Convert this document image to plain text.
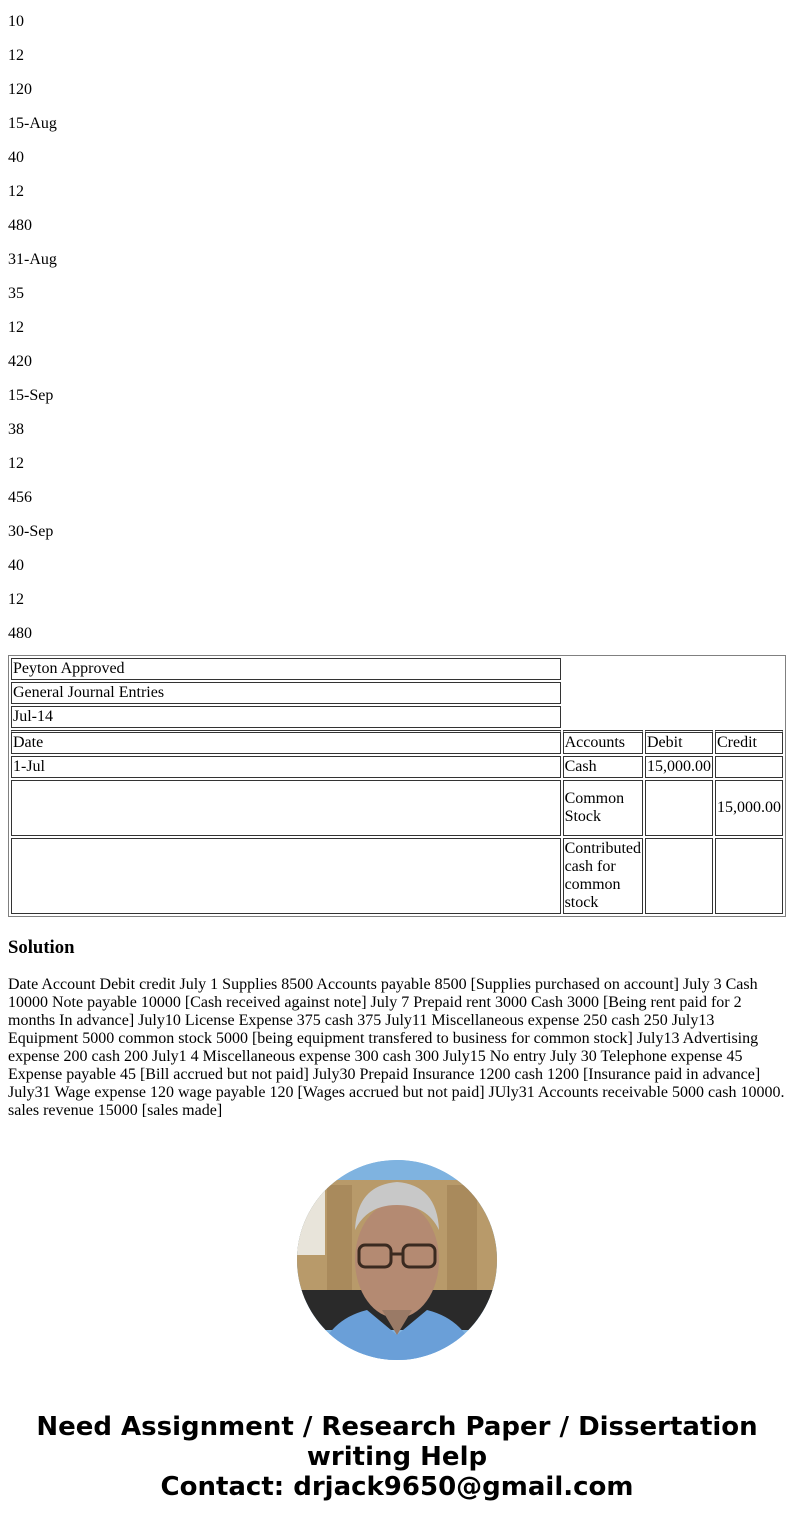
10

12

120

15-Aug

40

12

480

31-Aug

35

12

420

15-Sep

38

12

456

30-Sep

40

12

480

Peyton Approved			
General Journal Entries			
Jul-14			
Date	Accounts	Debit	Credit
1-Jul	Cash	15,000.00	
	Common Stock		15,000.00
	Contributed cash for common stock		
Solution

Date Account Debit credit July 1 Supplies 8500 Accounts payable 8500 [Supplies purchased on account] July 3 Cash 10000 Note payable 10000 [Cash received against note] July 7 Prepaid rent 3000 Cash 3000 [Being rent paid for 2 months In advance] July10 License Expense 375 cash 375 July11 Miscellaneous expense 250 cash 250 July13 Equipment 5000 common stock 5000 [being equipment transfered to business for common stock] July13 Advertising expense 200 cash 200 July1 4 Miscellaneous expense 300 cash 300 July15 No entry July 30 Telephone expense 45 Expense payable 45 [Bill accrued but not paid] July30 Prepaid Insurance 1200 cash 1200 [Insurance paid in advance] July31 Wage expense 120 wage payable 120 [Wages accrued but not paid] JUly31 Accounts receivable 5000 cash 10000. sales revenue 15000 [sales made]

Need Assignment / Research Paper / Dissertation
writing Help
Contact: drjack9650@gmail.com
